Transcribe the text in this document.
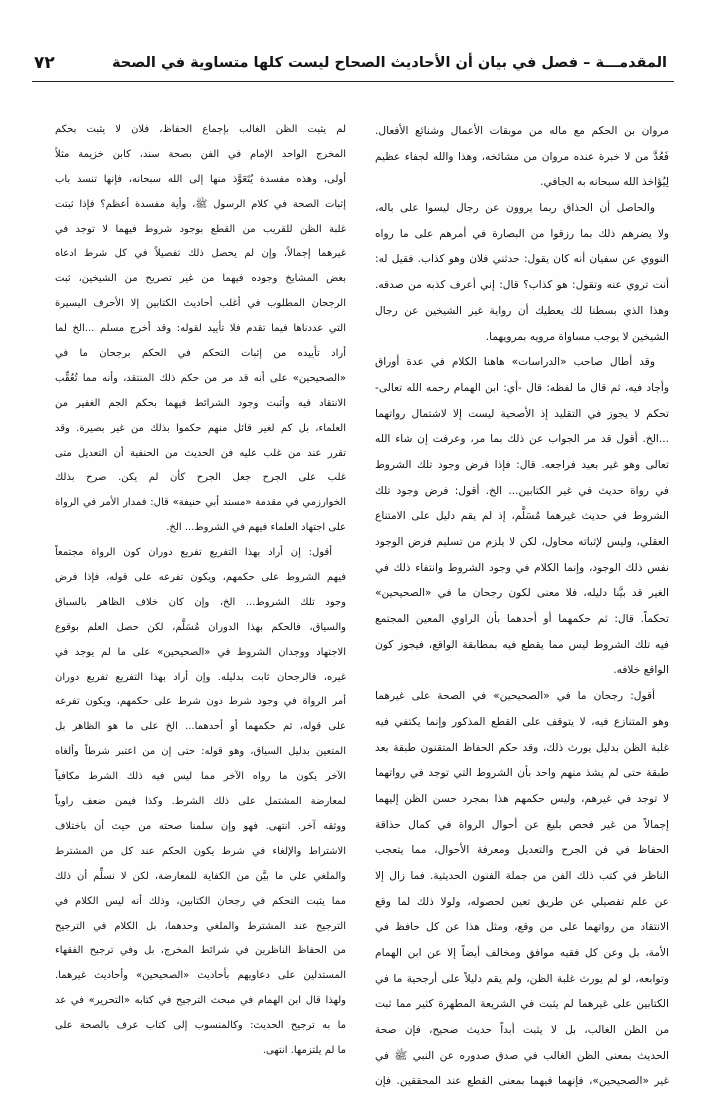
٧٢	المقدمـــة – فصل في بيان أن الأحاديث الصحاح ليست كلها متساوية في الصحة
مروان بن الحكم مع ماله من موبقات الأعمال وشنائع الأفعال.
فَعُدَّ من لا خبرة عنده مروان من مشائخه، وهذا والله لجفاء عظيم
لِيُؤاخذ الله سبحانه به الجافي.
والحاصل أن الحذاق ربما يروون عن رجال ليسوا على باله،
ولا يضرهم ذلك بما رزقوا من البصارة في أمرهم على ما رواه
النووي عن سفيان أنه كان يقول: حدثني فلان وهو كذاب. فقيل له:
أنت تروي عنه وتقول: هو كذاب؟ قال: إني أعرف كذبه من صدقه.
وهذا الذي بسطنا لك يعطيك أن رواية غير الشيخين عن رجال
الشيخين لا يوجب مساواة مرويه بمرويهما.
وقد أطال صاحب «الدراسات» هاهنا الكلام في عدة أوراق
وأجاد فيه، ثم قال ما لفظه: قال -أي: ابن الهمام رحمه الله تعالى-
تحكم لا يجوز في التقليد إذ الأصحية ليست إلا لاشتمال رواتهما
...الخ. أقول قد مر الجواب عن ذلك بما مر، وعرفت إن شاء الله
تعالى وهو غير بعيد فراجعه. قال: فإذا فرض وجود تلك الشروط
في رواة حديث في غير الكتابين... الخ. أقول: فرض وجود تلك
الشروط في حديث غيرهما مُسَلَّم، إذ لم يقم دليل على الامتناع
العقلي، وليس لإثباته محاول، لكن لا يلزم من تسليم فرض الوجود
نفس ذلك الوجود، وإنما الكلام في وجود الشروط وانتفاء ذلك في
الغير قد بيَّنا دليله، فلا معنى لكون رجحان ما في «الصحيحين»
تحكماً. قال: ثم حكمهما أو أحدهما بأن الراوي المعين المجتمع
فيه تلك الشروط ليس مما يقطع فيه بمطابقة الواقع، فيجوز كون
الواقع خلافه.
أقول: رجحان ما في «الصحيحين» في الصحة على غيرهما
وهو المتنازع فيه، لا يتوقف على القطع المذكور وإنما يكتفي فيه
غلبة الظن بدليل يورث ذلك، وقد حكم الحفاظ المتقنون طبقة بعد
طبقة حتى لم يشذ منهم واحد بأن الشروط التي توجد في رواتهما
لا توجد في غيرهم، وليس حكمهم هذا بمجرد حسن الظن إليهما
إجمالاً من غير فحص بليغ عن أحوال الرواة في كمال حذاقة
الحفاظ في فن الجرح والتعديل ومعرفة الأحوال، مما يتعجب
الناظر في كتب ذلك الفن من جملة الفنون الحديثية. فما زال إلا
عن علم تفصيلي عن طريق تعين لحصوله، ولولا ذلك لما وقع
الانتقاد من رواتهما على من وقع، ومثل هذا عن كل حافظ في
الأمة، بل وعن كل فقيه موافق ومخالف أيضاً إلا عن ابن الهمام
وتوابعه، لو لم يورث غلبة الظن، ولم يقم دليلاً على أرجحية ما في
الكتابين على غيرهما لم يثبت في الشريعة المطهرة كثير مما ثبت
من الظن الغالب، بل لا يثبت أبداً حديث صحيح، فإن صحة
الحديث بمعنى الظن الغالب في صدق صدوره عن النبي ﷺ في
غير «الصحيحين»، فإنهما فيهما بمعنى القطع عند المحققين. فإن
لم يثبت الظن الغالب بإجماع الحفاظ، فلان لا يثبت بحكم
المخرج الواحد الإمام في الفن بصحة سند، كابن خزيمة مثلاً
أولى، وهذه مفسدة يُتَعَوَّذ منها إلى الله سبحانه، فإنها تنسد باب
إثبات الصحة في كلام الرسول ﷺ، وأية مفسدة أعظم؟ فإذا ثبتت
غلبة الظن للقريب من القطع بوجود شروط فيهما لا توجد في
غيرهما إجمالاً، وإن لم يحصل ذلك تفصيلاً في كل شرط ادعاه
بعض المشايخ وجوده فيهما من غير تصريح من الشيخين، ثبت
الرجحان المطلوب في أغلب أحاديث الكتابين إلا الأحرف اليسيرة
التي عددناها فيما تقدم فلا تأييد لقوله: وقد أخرج مسلم ...الخ لما
أراد تأييده من إثبات التحكم في الحكم برجحان ما في
«الصحيحين» على أنه قد مر من حكم ذلك المنتقد، وأنه مما تُعُقِّب
الانتقاد فيه وأثبت وجود الشرائط فيهما بحكم الجم الغفير من
العلماء، بل كم لغير قائل منهم حكموا بذلك من غير بصيرة. وقد
تقرر عند من غلب عليه فن الحديث من الحنفية أن التعديل متى
غلب على الجرح جعل الجرح كأن لم يكن. صرح بذلك
الخوارزمي في مقدمة «مسند أبي حنيفة» قال: فمدار الأمر في الرواة
على اجتهاد العلماء فيهم في الشروط... الخ.
أقول: إن أراد بهذا التفريع تفريع دوران كون الرواة مجتمعاً
فيهم الشروط على حكمهم، ويكون تفرعه على قوله، فإذا فرض
وجود تلك الشروط... الخ، وإن كان خلاف الظاهر بالسباق
والسياق، فالحكم بهذا الدوران مُسَلَّم، لكن حصل العلم بوقوع
الاجتهاد ووجدان الشروط في «الصحيحين» على ما لم يوجد في
غيره، فالرجحان ثابت بدليله. وإن أراد بهذا التفريع تفريع دوران
أمر الرواة في وجود شرط دون شرط على حكمهم، ويكون تفرعه
على قوله، ثم حكمهما أو أحدهما... الخ على ما هو الظاهر بل
المتعين بدليل السياق، وهو قوله: حتى إن من اعتبر شرطاً وألغاه
الآخر يكون ما رواه الآخر مما ليس فيه ذلك الشرط مكافياً
لمعارضة المشتمل على ذلك الشرط. وكذا فيمن ضعف راوياً
ووثقه آخر. انتهى. فهو وإن سلمنا صحته من حيث أن باختلاف
الاشتراط والإلغاء في شرط يكون الحكم عند كل من المشترط
والملغي على ما بيَّن من الكفاية للمعارضة، لكن لا نسلِّم أن ذلك
مما يثبت التحكم في رجحان الكتابين، وذلك أنه ليس الكلام في
الترجيح عند المشترط والملغي وحدهما، بل الكلام في الترجيح
من الحفاظ الناظرين في شرائط المخرج، بل وفي ترجيح الفقهاء
المستدلين على دعاويهم بأحاديث «الصحيحين» وأحاديث غيرهما.
ولهذا قال ابن الهمام في مبحث الترجيح في كتابه «التحرير» في عد
ما به ترجيح الحديث: وكالمنسوب إلى كتاب عرف بالصحة على
ما لم يلتزمها. انتهى.
